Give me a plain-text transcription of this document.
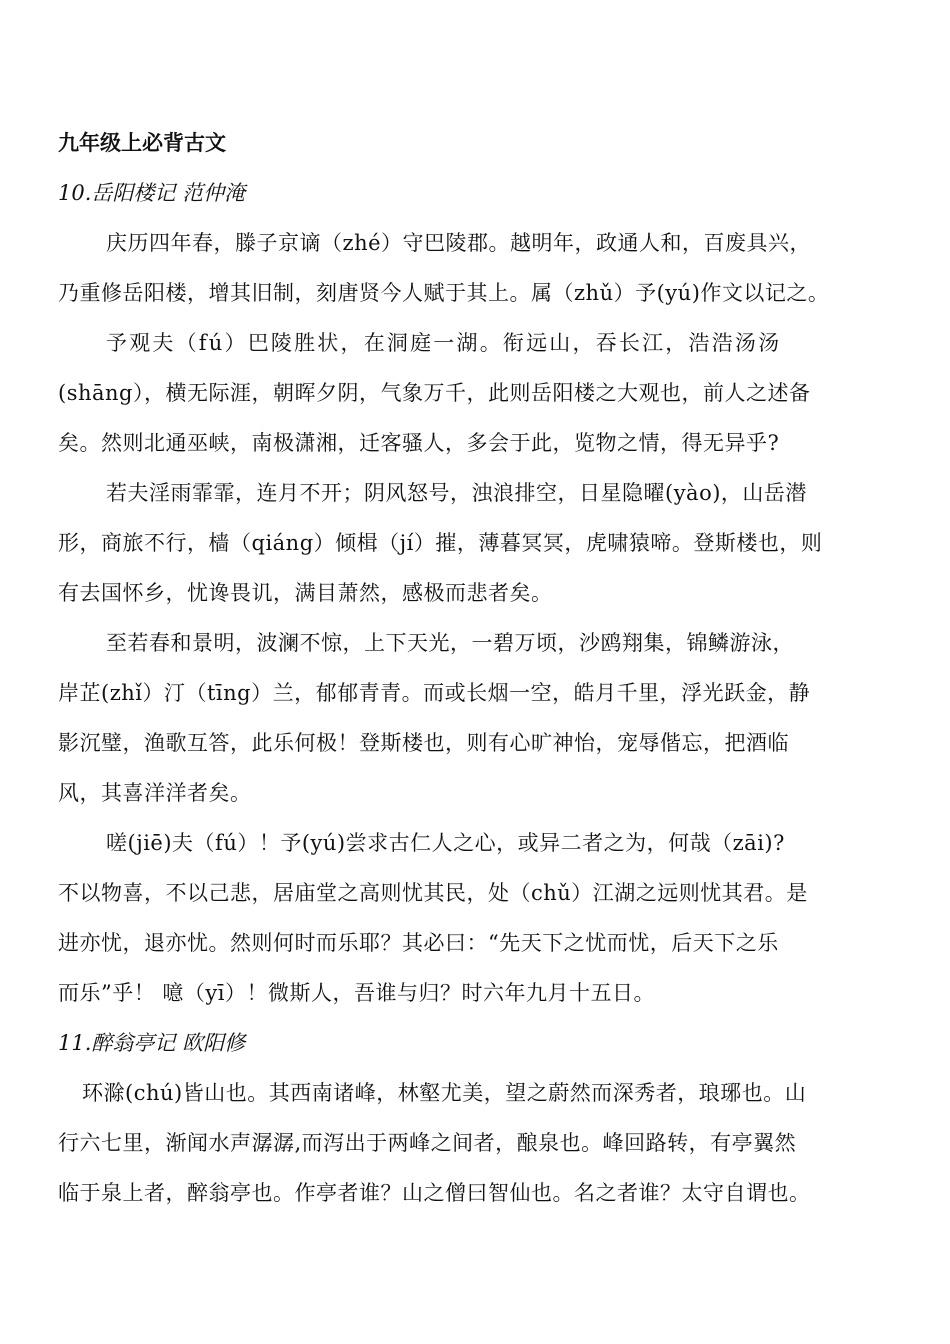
九年级上必背古文
10.岳阳楼记 范仲淹

庆历四年春，滕子京谪（zhé）守巴陵郡。越明年，政通人和，百废具兴，

乃重修岳阳楼，增其旧制，刻唐贤今人赋于其上。属（zhǔ）予(yú)作文以记之。

予观夫（fú）巴陵胜状，在洞庭一湖。衔远山，吞长江，浩浩汤汤

(shāng），横无际涯，朝晖夕阴，气象万千，此则岳阳楼之大观也，前人之述备

矣。然则北通巫峡，南极潇湘，迁客骚人，多会于此，览物之情，得无异乎?

若夫淫雨霏霏，连月不开；阴风怒号，浊浪排空，日星隐曜(yào)，山岳潜

形，商旅不行，樯（qiáng）倾楫（jí）摧，薄暮冥冥，虎啸猿啼。登斯楼也，则

有去国怀乡，忧谗畏讥，满目萧然，感极而悲者矣。

至若春和景明，波澜不惊，上下天光，一碧万顷，沙鸥翔集，锦鳞游泳，

岸芷(zhǐ）汀（tīng）兰，郁郁青青。而或长烟一空，皓月千里，浮光跃金，静

影沉璧，渔歌互答，此乐何极！登斯楼也，则有心旷神怡，宠辱偕忘，把酒临

风，其喜洋洋者矣。

嗟(jiē)夫（fú）！予(yú)尝求古仁人之心，或异二者之为，何哉（zāi)?

不以物喜，不以己悲，居庙堂之高则忧其民，处（chǔ）江湖之远则忧其君。是

进亦忧，退亦忧。然则何时而乐耶？其必曰：“先天下之忧而忧，后天下之乐

而乐”乎！ 噫（yī）！微斯人，吾谁与归？时六年九月十五日。

11.醉翁亭记 欧阳修

环滁(chú)皆山也。其西南诸峰，林壑尤美，望之蔚然而深秀者，琅琊也。山

行六七里，渐闻水声潺潺,而泻出于两峰之间者，酿泉也。峰回路转，有亭翼然

临于泉上者，醉翁亭也。作亭者谁？山之僧曰智仙也。名之者谁？太守自谓也。
